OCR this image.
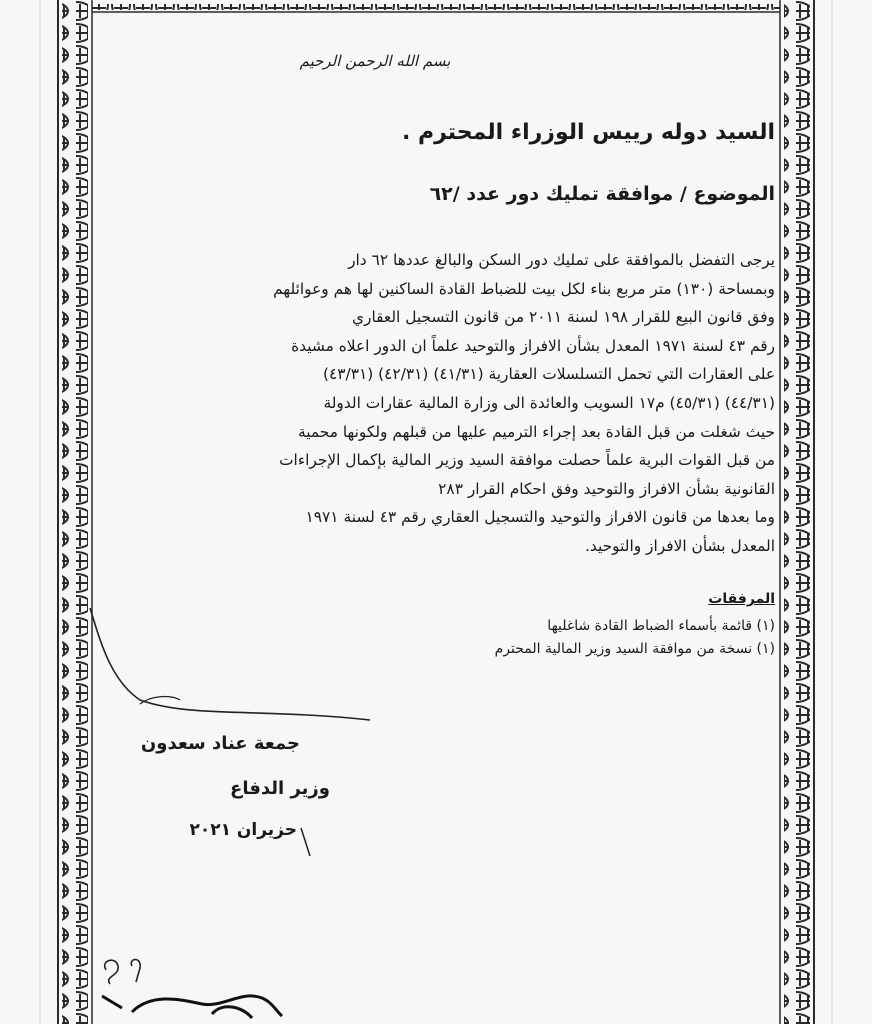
بسم الله الرحمن الرحيم
السيد دوله رييس الوزراء المحترم .
الموضوع / موافقة تمليك دور عدد /٦٢

يرجى التفضل بالموافقة على تمليك دور السكن والبالغ عددها ٦٢ دار

وبمساحة (١٣٠) متر مربع بناء لكل بيت للضباط القادة الساكنين لها هم وعوائلهم

وفق قانون البيع للقرار ١٩٨ لسنة ٢٠١١ من قانون التسجيل العقاري

رقم ٤٣ لسنة ١٩٧١ المعدل بشأن الافراز والتوحيد علماً ان الدور اعلاه مشيدة

على العقارات التي تحمل التسلسلات العقارية (٤١/٣١) (٤٢/٣١) (٤٣/٣١)

(٤٤/٣١) (٤٥/٣١) م١٧ السويب والعائدة الى وزارة المالية عقارات الدولة

حيث شغلت من قبل القادة بعد إجراء الترميم عليها من قبلهم ولكونها محمية

من قبل القوات البرية علماً حصلت موافقة السيد وزير المالية بإكمال الإجراءات

القانونية بشأن الافراز والتوحيد وفق احكام القرار ٢٨٣

وما بعدها من قانون الافراز والتوحيد والتسجيل العقاري رقم ٤٣ لسنة ١٩٧١

المعدل بشأن الافراز والتوحيد.

المرفقات
(١) قائمة بأسماء الضباط القادة شاغليها
(١) نسخة من موافقة السيد وزير المالية المحترم
جمعة عناد سعدون
وزير الدفاع
حزيران ٢٠٢١
